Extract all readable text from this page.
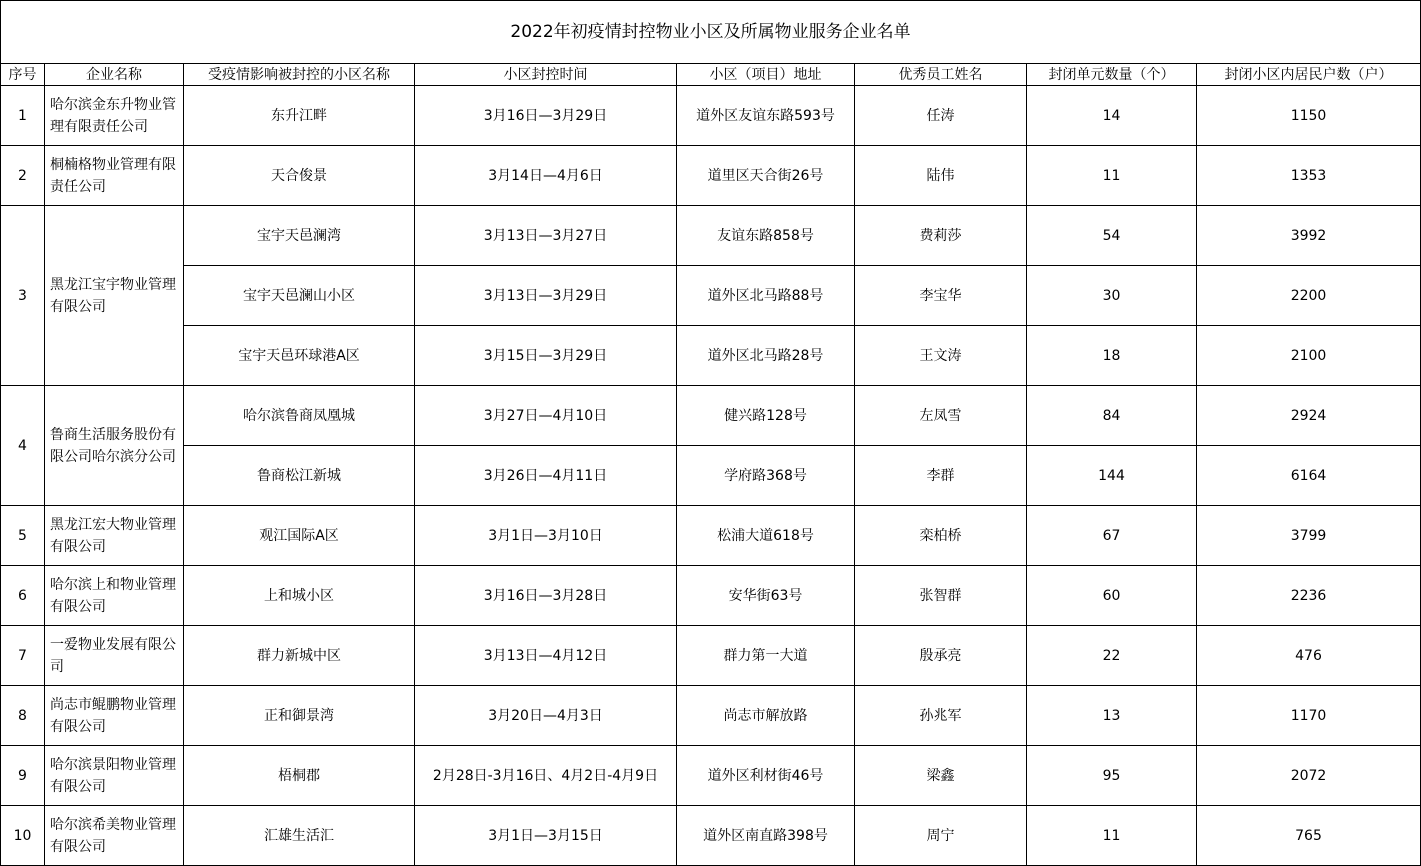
2022年初疫情封控物业小区及所属物业服务企业名单							
序号	企业名称	受疫情影响被封控的小区名称	小区封控时间	小区（项目）地址	优秀员工姓名	封闭单元数量（个）	封闭小区内居民户数（户）
1	哈尔滨金东升物业管理有限责任公司	东升江畔	3月16日—3月29日	道外区友谊东路593号	任涛	14	1150
2	桐楠格物业管理有限责任公司	天合俊景	3月14日—4月6日	道里区天合街26号	陆伟	11	1353
3	黑龙江宝宇物业管理有限公司	宝宇天邑澜湾	3月13日—3月27日	友谊东路858号	费莉莎	54	3992
		宝宇天邑澜山小区	3月13日—3月29日	道外区北马路88号	李宝华	30	2200
		宝宇天邑环球港A区	3月15日—3月29日	道外区北马路28号	王文涛	18	2100
4	鲁商生活服务股份有限公司哈尔滨分公司	哈尔滨鲁商凤凰城	3月27日—4月10日	健兴路128号	左凤雪	84	2924
		鲁商松江新城	3月26日—4月11日	学府路368号	李群	144	6164
5	黑龙江宏大物业管理有限公司	观江国际A区	3月1日—3月10日	松浦大道618号	栾柏桥	67	3799
6	哈尔滨上和物业管理有限公司	上和城小区	3月16日—3月28日	安华街63号	张智群	60	2236
7	一爱物业发展有限公司	群力新城中区	3月13日—4月12日	群力第一大道	殷承亮	22	476
8	尚志市鲲鹏物业管理有限公司	正和御景湾	3月20日—4月3日	尚志市解放路	孙兆军	13	1170
9	哈尔滨景阳物业管理有限公司	梧桐郡	2月28日-3月16日、4月2日-4月9日	道外区利材街46号	梁鑫	95	2072
10	哈尔滨希美物业管理有限公司	汇雄生活汇	3月1日—3月15日	道外区南直路398号	周宁	11	765
